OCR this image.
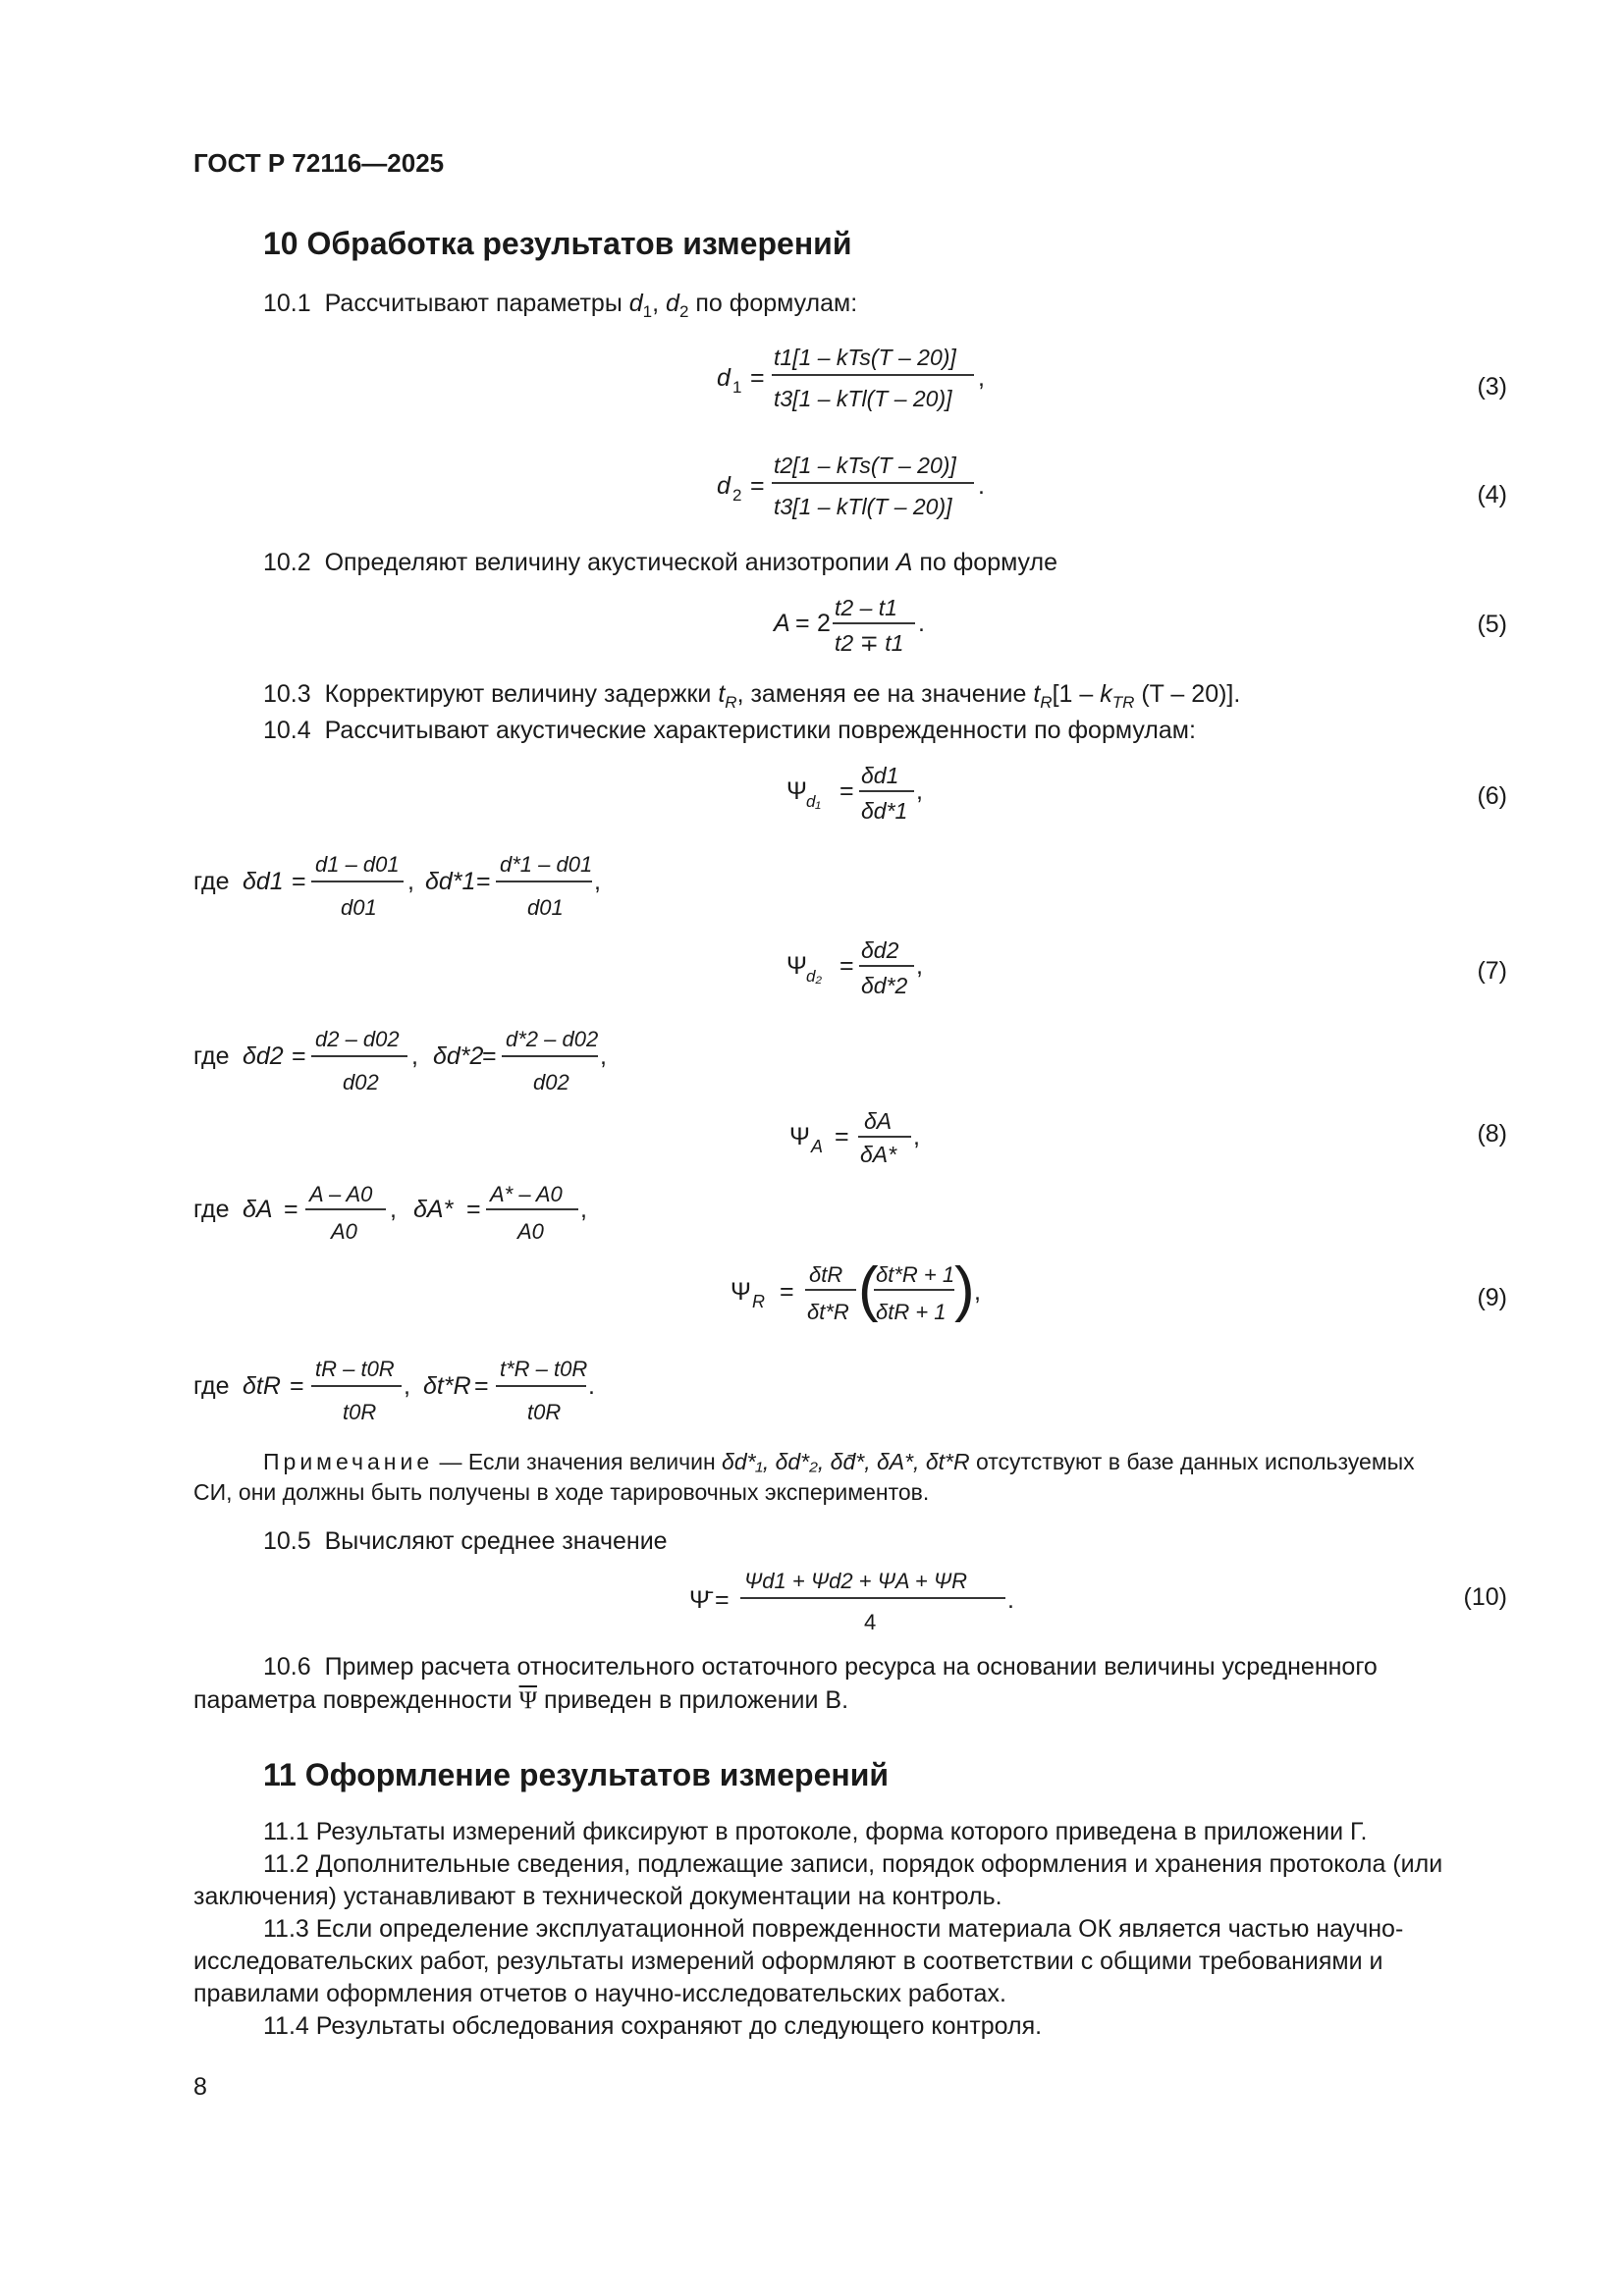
ГОСТ Р 72116—2025
10 Обработка результатов измерений
10.1 Рассчитывают параметры $d_1$, $d_2$ по формулам:
d 1 =
t1[1 – kTs(T – 20)]
t3[1 – kTl(T – 20)]
,	(3)
d 2 =
t2[1 – kTs(T – 20)]
t3[1 – kTl(T – 20)]
.	(4)
10.2 Определяют величину акустической анизотропии A по формуле
A = 2
t2 – t1
t2 ∓ t1
.	(5)
10.3 Корректируют величину задержки $t_R$, заменяя ее на значение $t_R[1 - k_{TR}$ (T – 20)].
10.4 Рассчитывают акустические характеристики поврежденности по формулам:
Ψ d₁ =
δd1
δd*1
,	(6)
где δd1 =
d1 – d01
d01
, δd*1 =
d*1 – d01
d01
,
Ψ d₂ =
δd2
δd*2
,	(7)
где δd2 =
d2 – d02
d02
, δd*2
=
d*2 – d02
d02
,
Ψ A =
δA
δA*
,	(8)
где δA =
A – A0
A0
, δA* =
A* – A0
A0
,
Ψ R =
δtR
δt*R (
δt*R + 1
δtR + 1 ) ,	(9)
где δtR =
tR – t0R
t0R
, δt*R =
t*R – t0R
t0R
.
Примечание — Если значения величин δd*₁, δd*₂, δd̄*, δA*, δt*R отсутствуют в базе данных используемых
СИ, они должны быть получены в ходе тарировочных экспериментов.
10.5 Вычисляют среднее значение
Ψ̄ =
Ψd1 + Ψd2 + ΨA + ΨR
4
.	(10)
10.6 Пример расчета относительного остаточного ресурса на основании величины усредненного
параметра поврежденности $\overline{\Psi}$ приведен в приложении В.
11 Оформление результатов измерений
11.1 Результаты измерений фиксируют в протоколе, форма которого приведена в приложении Г.
11.2 Дополнительные сведения, подлежащие записи, порядок оформления и хранения протокола (или заключения) устанавливают в технической документации на контроль.
11.3 Если определение эксплуатационной поврежденности материала ОК является частью научно-исследовательских работ, результаты измерений оформляют в соответствии с общими требованиями и правилами оформления отчетов о научно-исследовательских работах.
11.4 Результаты обследования сохраняют до следующего контроля.
8
